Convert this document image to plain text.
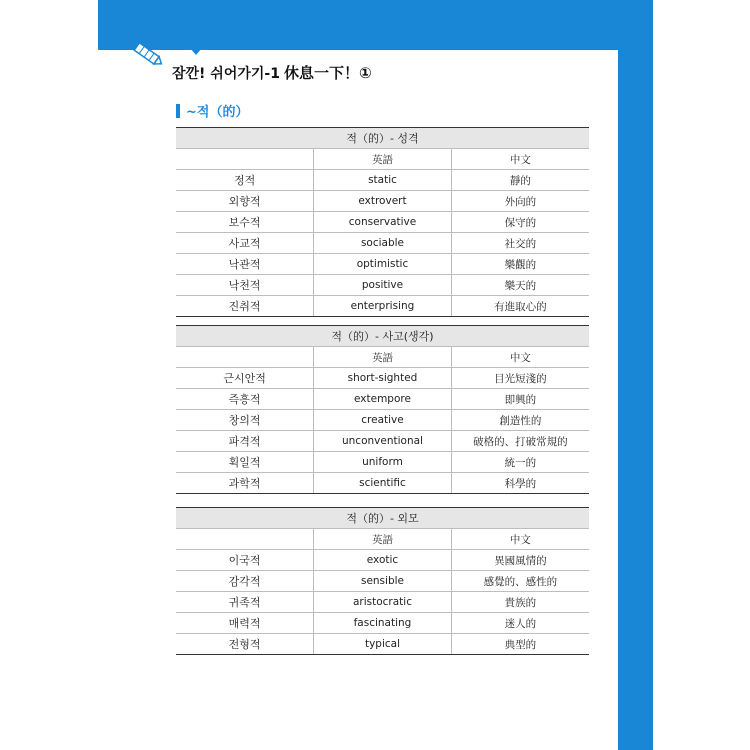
잠깐! 쉬어가기-1 休息一下！①
~적（的）
적（的）- 성격		
	英語	中文
정적	static	靜的
외향적	extrovert	外向的
보수적	conservative	保守的
사교적	sociable	社交的
낙관적	optimistic	樂觀的
낙천적	positive	樂天的
진취적	enterprising	有進取心的
적（的）- 사고(생각)		
	英語	中文
근시안적	short-sighted	目光短淺的
즉흥적	extempore	即興的
창의적	creative	創造性的
파격적	unconventional	破格的、打破常規的
획일적	uniform	統一的
과학적	scientific	科學的
적（的）- 외모		
	英語	中文
이국적	exotic	異國風情的
감각적	sensible	感覺的、感性的
귀족적	aristocratic	貴族的
매력적	fascinating	迷人的
전형적	typical	典型的
